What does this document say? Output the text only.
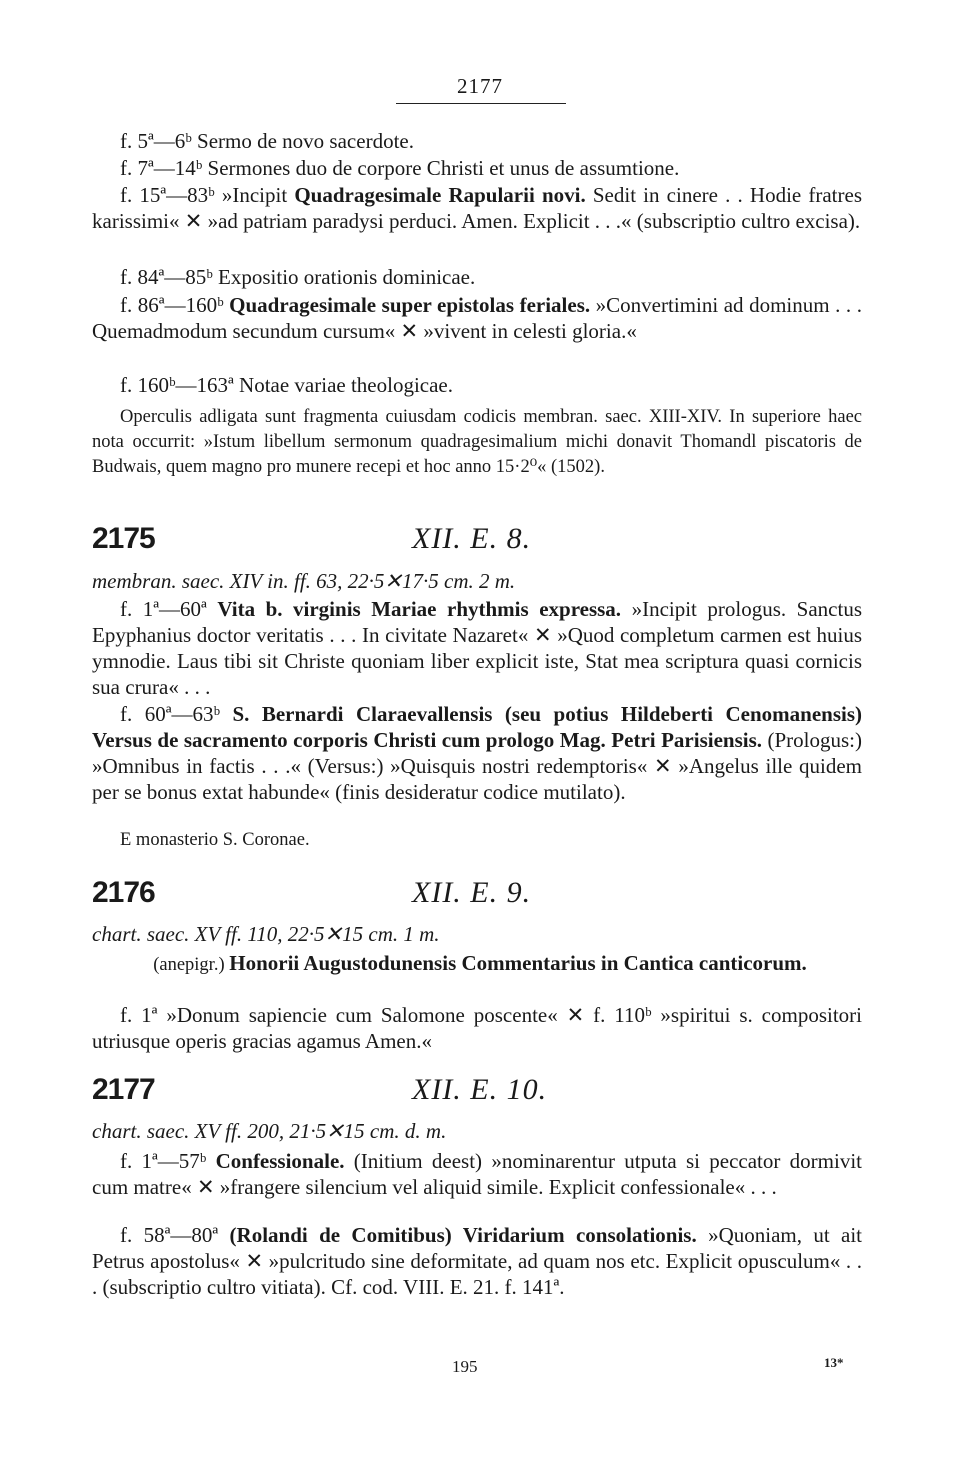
2177
f. 5ª—6ᵇ Sermo de novo sacerdote.
f. 7ª—14ᵇ Sermones duo de corpore Christi et unus de assumtione.
f. 15ª—83ᵇ »Incipit Quadragesimale Rapularii novi. Sedit in cinere . . Hodie fratres karissimi« ✕ »ad patriam paradysi perduci. Amen. Explicit . . .« (subscriptio cultro excisa).
f. 84ª—85ᵇ Expositio orationis dominicae.
f. 86ª—160ᵇ Quadragesimale super epistolas feriales. »Convertimini ad dominum . . . Quemadmodum secundum cursum« ✕ »vivent in celesti gloria.«
f. 160ᵇ—163ª Notae variae theologicae.
Operculis adligata sunt fragmenta cuiusdam codicis membran. saec. XIII-XIV. In superiore haec nota occurrit: »Istum libellum sermonum quadragesimalium michi donavit Thomandl piscatoris de Budwais, quem magno pro munere recepi et hoc anno 15·2⁰« (1502).
2175	XII. E. 8.
membran. saec. XIV in. ff. 63, 22·5✕17·5 cm. 2 m.
f. 1ª—60ª Vita b. virginis Mariae rhythmis expressa. »Incipit prologus. Sanctus Epyphanius doctor veritatis . . . In civitate Nazaret« ✕ »Quod completum carmen est huius ymnodie. Laus tibi sit Christe quoniam liber explicit iste, Stat mea scriptura quasi cornicis sua crura« . . .
f. 60ª—63ᵇ S. Bernardi Claraevallensis (seu potius Hildeberti Cenomanensis) Versus de sacramento corporis Christi cum prologo Mag. Petri Parisiensis. (Prologus:) »Omnibus in factis . . .« (Versus:) »Quisquis nostri redemptoris« ✕ »Angelus ille quidem per se bonus extat habunde« (finis desideratur codice mutilato).
E monasterio S. Coronae.
2176	XII. E. 9.
chart. saec. XV ff. 110, 22·5✕15 cm. 1 m.
(anepigr.) Honorii Augustodunensis Commentarius in Cantica canticorum.
f. 1ª »Donum sapiencie cum Salomone poscente« ✕ f. 110ᵇ »spiritui s. compositori utriusque operis gracias agamus Amen.«
2177	XII. E. 10.
chart. saec. XV ff. 200, 21·5✕15 cm. d. m.
f. 1ª—57ᵇ Confessionale. (Initium deest) »nominarentur utputa si peccator dormivit cum matre« ✕ »frangere silencium vel aliquid simile. Explicit confessionale« . . .
f. 58ª—80ª (Rolandi de Comitibus) Viridarium consolationis. »Quoniam, ut ait Petrus apostolus« ✕ »pulcritudo sine deformitate, ad quam nos etc. Explicit opusculum« . . . (subscriptio cultro vitiata). Cf. cod. VIII. E. 21. f. 141ª.
195	13*
